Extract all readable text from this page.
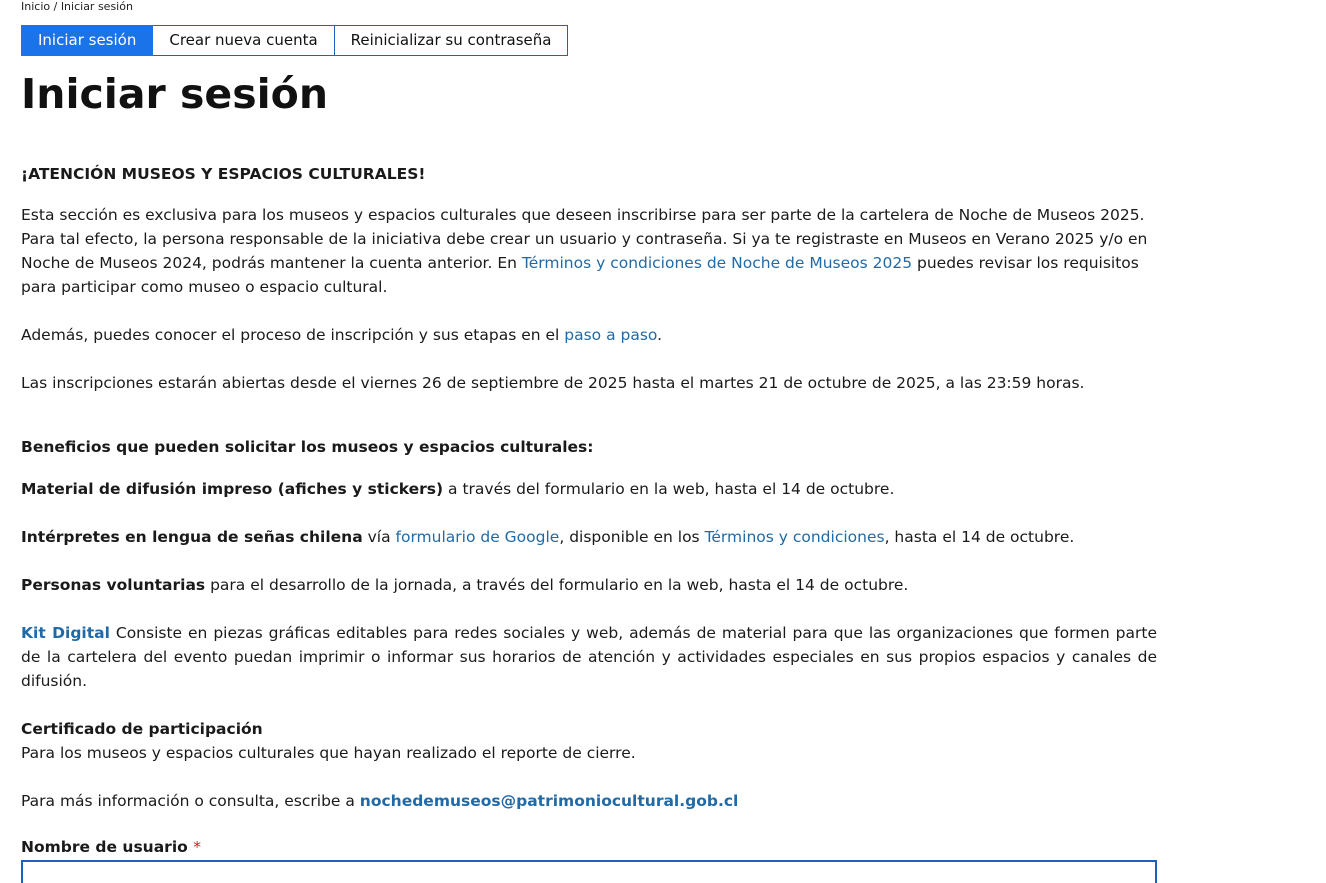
Inicio / Iniciar sesión
Iniciar sesión	Crear nueva cuenta	Reinicializar su contraseña
Iniciar sesión

¡ATENCIÓN MUSEOS Y ESPACIOS CULTURALES!

Esta sección es exclusiva para los museos y espacios culturales que deseen inscribirse para ser parte de la cartelera de Noche de Museos 2025. Para tal efecto, la persona responsable de la iniciativa debe crear un usuario y contraseña. Si ya te registraste en Museos en Verano 2025 y/o en Noche de Museos 2024, podrás mantener la cuenta anterior. En Términos y condiciones de Noche de Museos 2025 puedes revisar los requisitos para participar como museo o espacio cultural.

Además, puedes conocer el proceso de inscripción y sus etapas en el paso a paso.

Las inscripciones estarán abiertas desde el viernes 26 de septiembre de 2025 hasta el martes 21 de octubre de 2025, a las 23:59 horas.

Beneficios que pueden solicitar los museos y espacios culturales:

Material de difusión impreso (afiches y stickers) a través del formulario en la web, hasta el 14 de octubre.

Intérpretes en lengua de señas chilena vía formulario de Google, disponible en los Términos y condiciones, hasta el 14 de octubre.

Personas voluntarias para el desarrollo de la jornada, a través del formulario en la web, hasta el 14 de octubre.

Kit Digital Consiste en piezas gráficas editables para redes sociales y web, además de material para que las organizaciones que formen parte de la cartelera del evento puedan imprimir o informar sus horarios de atención y actividades especiales en sus propios espacios y canales de difusión.

Certificado de participación

Para los museos y espacios culturales que hayan realizado el reporte de cierre.

Para más información o consulta, escribe a nochedemuseos@patrimoniocultural.gob.cl

Nombre de usuario *
